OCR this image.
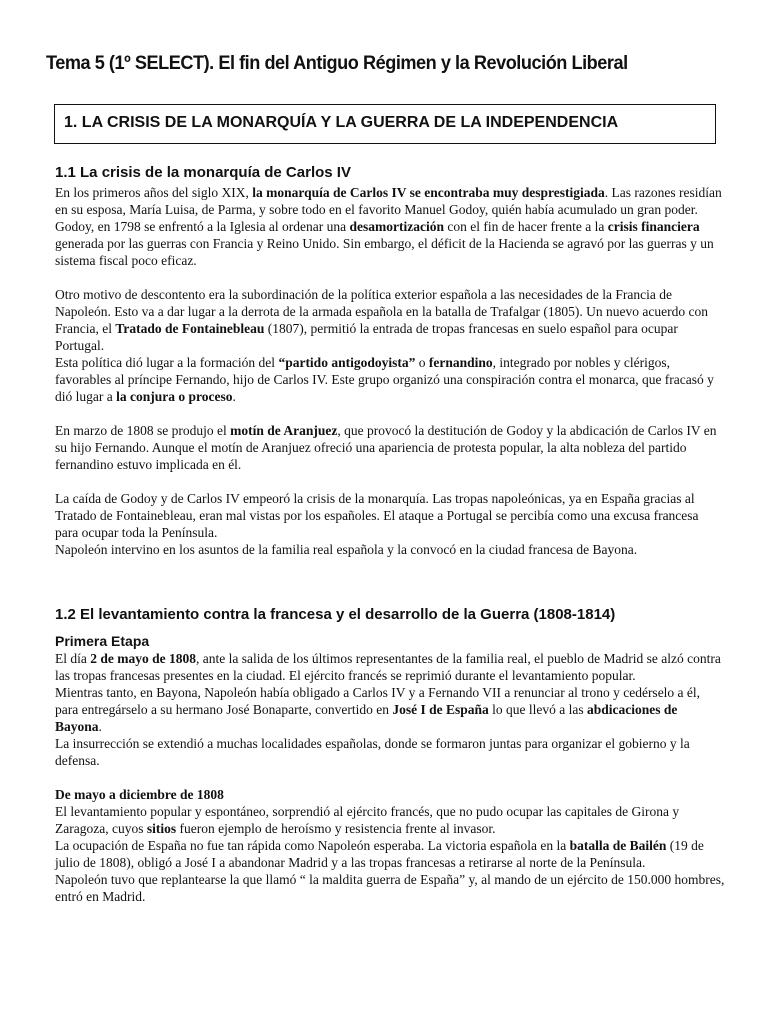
Tema 5 (1º SELECT). El fin del Antiguo Régimen y la Revolución Liberal
1. LA CRISIS DE LA MONARQUÍA Y LA GUERRA DE LA INDEPENDENCIA
1.1 La crisis de la monarquía de Carlos IV

En los primeros años del siglo XIX, la monarquía de Carlos IV se encontraba muy desprestigiada. Las razones residían en su esposa, María Luisa, de Parma, y sobre todo en el favorito Manuel Godoy, quién había acumulado un gran poder.

Godoy, en 1798 se enfrentó a la Iglesia al ordenar una desamortización con el fin de hacer frente a la crisis financiera generada por las guerras con Francia y Reino Unido. Sin embargo, el déficit de la Hacienda se agravó por las guerras y un sistema fiscal poco eficaz.

Otro motivo de descontento era la subordinación de la política exterior española a las necesidades de la Francia de Napoleón. Esto va a dar lugar a la derrota de la armada española en la batalla de Trafalgar (1805). Un nuevo acuerdo con Francia, el Tratado de Fontainebleau (1807), permitió la entrada de tropas francesas en suelo español para ocupar Portugal.

Esta política dió lugar a la formación del “partido antigodoyista” o fernandino, integrado por nobles y clérigos, favorables al príncipe Fernando, hijo de Carlos IV. Este grupo organizó una conspiración contra el monarca, que fracasó y dió lugar a la conjura o proceso.

En marzo de 1808 se produjo el motín de Aranjuez, que provocó la destitución de Godoy y la abdicación de Carlos IV en su hijo Fernando. Aunque el motín de Aranjuez ofreció una apariencia de protesta popular, la alta nobleza del partido fernandino estuvo implicada en él.

La caída de Godoy y de Carlos IV empeoró la crisis de la monarquía. Las tropas napoleónicas, ya en España gracias al Tratado de Fontainebleau, eran mal vistas por los españoles. El ataque a Portugal se percibía como una excusa francesa para ocupar toda la Península.

Napoleón intervino en los asuntos de la familia real española y la convocó en la ciudad francesa de Bayona.

1.2 El levantamiento contra la francesa y el desarrollo de la Guerra (1808-1814)
Primera Etapa

El día 2 de mayo de 1808, ante la salida de los últimos representantes de la familia real, el pueblo de Madrid se alzó contra las tropas francesas presentes en la ciudad. El ejército francés se reprimió durante el levantamiento popular.

Mientras tanto, en Bayona, Napoleón había obligado a Carlos IV y a Fernando VII a renunciar al trono y cedérselo a él, para entregárselo a su hermano José Bonaparte, convertido en José I de España lo que llevó a las abdicaciones de Bayona.

La insurrección se extendió a muchas localidades españolas, donde se formaron juntas para organizar el gobierno y la defensa.

De mayo a diciembre de 1808

El levantamiento popular y espontáneo, sorprendió al ejército francés, que no pudo ocupar las capitales de Girona y Zaragoza, cuyos sitios fueron ejemplo de heroísmo y resistencia frente al invasor.

La ocupación de España no fue tan rápida como Napoleón esperaba. La victoria española en la batalla de Bailén (19 de julio de 1808), obligó a José I a abandonar Madrid y a las tropas francesas a retirarse al norte de la Península.

Napoleón tuvo que replantearse la que llamó “ la maldita guerra de España” y, al mando de un ejército de 150.000 hombres, entró en Madrid.
